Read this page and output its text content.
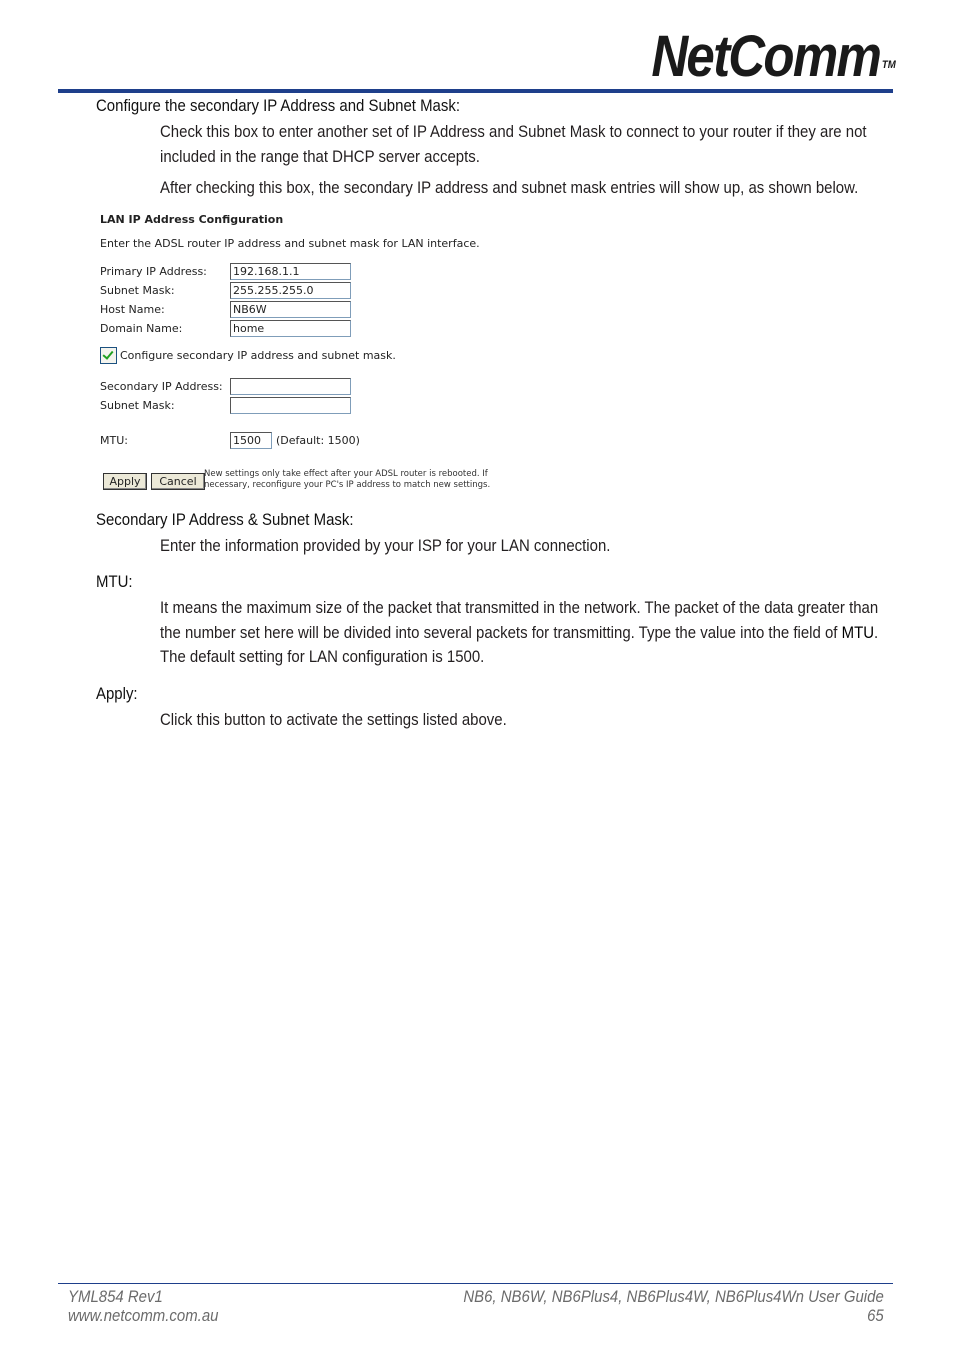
NetComm ™

Configure the secondary IP Address and Subnet Mask:

Check this box to enter another set of IP Address and Subnet Mask to connect to your router if they are not included in the range that DHCP server accepts.

After checking this box, the secondary IP address and subnet mask entries will show up, as shown below.

LAN IP Address Configuration
Enter the ADSL router IP address and subnet mask for LAN interface.
Primary IP Address: 192.168.1.1
Subnet Mask:	255.255.255.0
Host Name:	NB6W
Domain Name:	home
Configure secondary IP address and subnet mask.
Secondary IP Address:
Subnet Mask:
MTU:	1500	(Default: 1500)
Apply	Cancel
New settings only take effect after your ADSL router is rebooted. If
necessary, reconfigure your PC's IP address to match new settings.

Secondary IP Address & Subnet Mask:

Enter the information provided by your ISP for your LAN connection.

MTU:

It means the maximum size of the packet that transmitted in the network. The packet of the data greater than the number set here will be divided into several packets for transmitting. Type the value into the field of MTU. The default setting for LAN configuration is 1500.

Apply:

Click this button to activate the settings listed above.

YML854 Rev1
www.netcomm.com.au
NB6, NB6W, NB6Plus4, NB6Plus4W, NB6Plus4Wn User Guide
65
